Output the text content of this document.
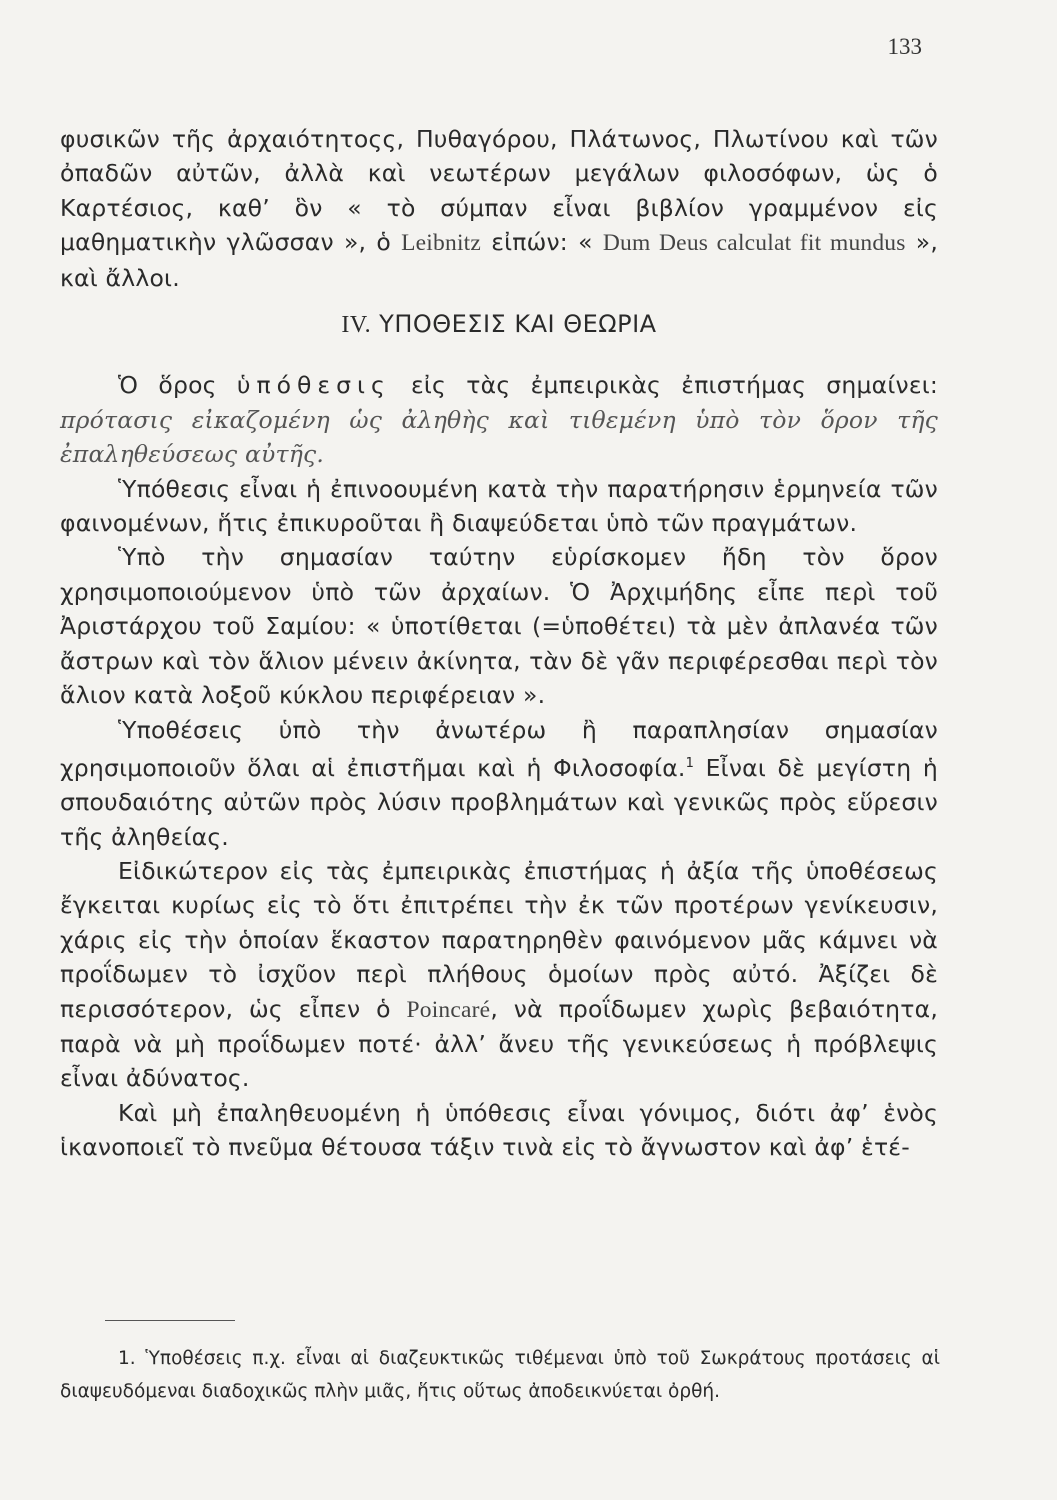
133

φυσικῶν τῆς ἀρχαιότητοςς, Πυθαγόρου, Πλάτωνος, Πλωτίνου καὶ τῶν ὀπαδῶν αὐτῶν, ἀλλὰ καὶ νεωτέρων μεγάλων φιλοσόφων, ὡς ὁ Καρτέσιος, καθ’ ὃν « τὸ σύμπαν εἶναι βιβλίον γραμμένον εἰς μαθηματικὴν γλῶσσαν », ὁ Leibnitz εἰπών: « Dum Deus calculat fit mundus », καὶ ἄλλοι.

IV. ΥΠΟΘΕΣΙΣ ΚΑΙ ΘΕΩΡΙΑ

Ὁ ὅρος ὑπόθεσις εἰς τὰς ἐμπειρικὰς ἐπιστήμας σημαίνει: πρότασις εἰκαζομένη ὡς ἀληθὴς καὶ τιθεμένη ὑπὸ τὸν ὅρον τῆς ἐπαληθεύσεως αὐτῆς.

Ὑπόθεσις εἶναι ἡ ἐπινοουμένη κατὰ τὴν παρατήρησιν ἑρμηνεία τῶν φαινομένων, ἥτις ἐπικυροῦται ἢ διαψεύδεται ὑπὸ τῶν πραγμάτων.

Ὑπὸ τὴν σημασίαν ταύτην εὑρίσκομεν ἤδη τὸν ὅρον χρησιμοποιούμενον ὑπὸ τῶν ἀρχαίων. Ὁ Ἀρχιμήδης εἶπε περὶ τοῦ Ἀριστάρχου τοῦ Σαμίου: « ὑποτίθεται (=ὑποθέτει) τὰ μὲν ἀπλανέα τῶν ἄστρων καὶ τὸν ἅλιον μένειν ἀκίνητα, τὰν δὲ γᾶν περιφέρεσθαι περὶ τὸν ἅλιον κατὰ λοξοῦ κύκλου περιφέρειαν ».

Ὑποθέσεις ὑπὸ τὴν ἀνωτέρω ἢ παραπλησίαν σημασίαν χρησιμοποιοῦν ὅλαι αἱ ἐπιστῆμαι καὶ ἡ Φιλοσοφία.$^1$ Εἶναι δὲ μεγίστη ἡ σπουδαιότης αὐτῶν πρὸς λύσιν προβλημάτων καὶ γενικῶς πρὸς εὕρεσιν τῆς ἀληθείας.

Εἰδικώτερον εἰς τὰς ἐμπειρικὰς ἐπιστήμας ἡ ἀξία τῆς ὑποθέσεως ἔγκειται κυρίως εἰς τὸ ὅτι ἐπιτρέπει τὴν ἐκ τῶν προτέρων γενίκευσιν, χάρις εἰς τὴν ὁποίαν ἕκαστον παρατηρηθὲν φαινόμενον μᾶς κάμνει νὰ προΐδωμεν τὸ ἰσχῦον περὶ πλήθους ὁμοίων πρὸς αὐτό. Ἀξίζει δὲ περισσότερον, ὡς εἶπεν ὁ Poincaré, νὰ προΐδωμεν χωρὶς βεβαιότητα, παρὰ νὰ μὴ προΐδωμεν ποτέ· ἀλλ’ ἄνευ τῆς γενικεύσεως ἡ πρόβλεψις εἶναι ἀδύνατος.

Καὶ μὴ ἐπαληθευομένη ἡ ὑπόθεσις εἶναι γόνιμος, διότι ἀφ’ ἑνὸς ἱκανοποιεῖ τὸ πνεῦμα θέτουσα τάξιν τινὰ εἰς τὸ ἄγνωστον καὶ ἀφ’ ἑτέ-

1. Ὑποθέσεις π.χ. εἶναι αἱ διαζευκτικῶς τιθέμεναι ὑπὸ τοῦ Σωκράτους προτάσεις αἱ διαψευδόμεναι διαδοχικῶς πλὴν μιᾶς, ἥτις οὕτως ἀποδεικνύεται ὀρθή.
